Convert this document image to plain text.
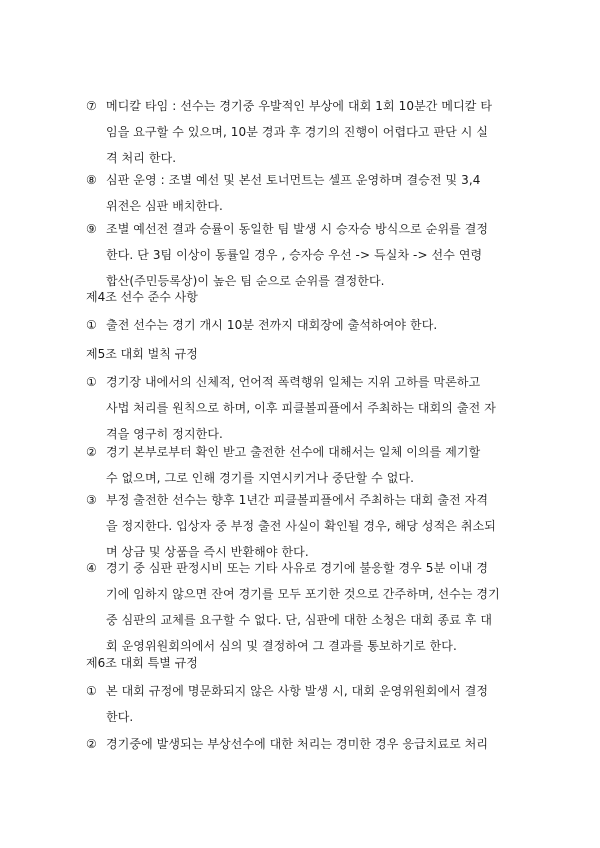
⑦ 메디칼 타임 : 선수는 경기중 우발적인 부상에 대회 1회 10분간 메디칼 타
임을 요구할 수 있으며, 10분 경과 후 경기의 진행이 어렵다고 판단 시 실
격 처리 한다.
⑧ 심판 운영 : 조별 예선 및 본선 토너먼트는 셀프 운영하며 결승전 및 3,4
위전은 심판 배치한다.
⑨ 조별 예선전 결과 승률이 동일한 팀 발생 시 승자승 방식으로 순위를 결정
한다. 단 3팀 이상이 동률일 경우 , 승자승 우선 -> 득실차 -> 선수 연령
합산(주민등록상)이 높은 팀 순으로 순위를 결정한다.
제4조 선수 준수 사항
① 출전 선수는 경기 개시 10분 전까지 대회장에 출석하여야 한다.
제5조 대회 벌칙 규정
① 경기장 내에서의 신체적, 언어적 폭력행위 일체는 지위 고하를 막론하고
사법 처리를 원칙으로 하며, 이후 피클볼피플에서 주최하는 대회의 출전 자
격을 영구히 정지한다.
② 경기 본부로부터 확인 받고 출전한 선수에 대해서는 일체 이의를 제기할
수 없으며, 그로 인해 경기를 지연시키거나 중단할 수 없다.
③ 부정 출전한 선수는 향후 1년간 피클볼피플에서 주최하는 대회 출전 자격
을 정지한다. 입상자 중 부정 출전 사실이 확인될 경우, 해당 성적은 취소되
며 상금 및 상품을 즉시 반환해야 한다.
④ 경기 중 심판 판정시비 또는 기타 사유로 경기에 불응할 경우 5분 이내 경
기에 임하지 않으면 잔여 경기를 모두 포기한 것으로 간주하며, 선수는 경기
중 심판의 교체를 요구할 수 없다. 단, 심판에 대한 소청은 대회 종료 후 대
회 운영위원회의에서 심의 및 결정하여 그 결과를 통보하기로 한다.
제6조 대회 특별 규정
① 본 대회 규정에 명문화되지 않은 사항 발생 시, 대회 운영위원회에서 결정
한다.
② 경기중에 발생되는 부상선수에 대한 처리는 경미한 경우 응급치료로 처리
